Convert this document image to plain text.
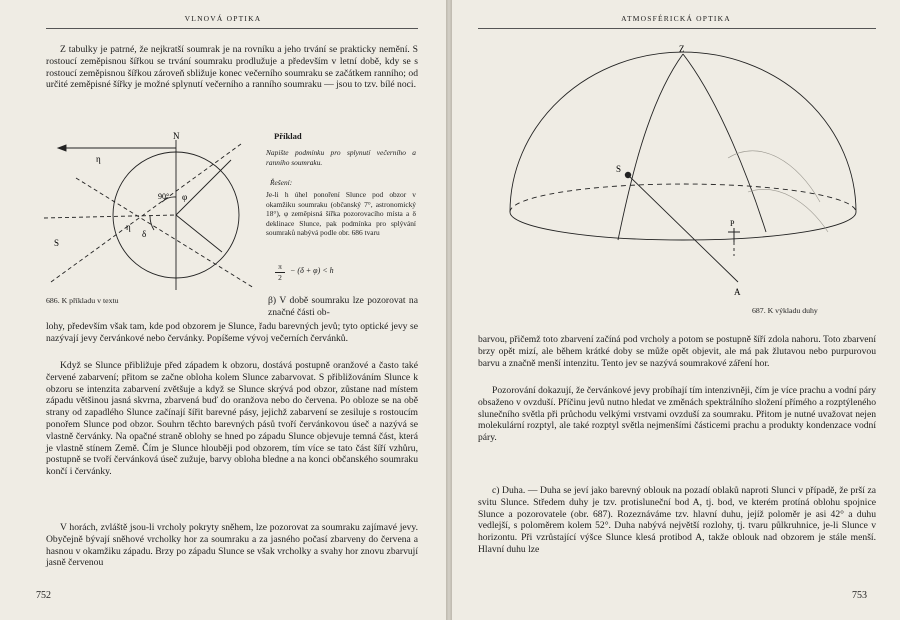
VLNOVÁ OPTIKA

Z tabulky je patrné, že nejkratší soumrak je na rovníku a jeho trvání se prakticky nemění. S rostoucí zeměpisnou šířkou se trvání soumraku prodlužuje a především v letní době, kdy se s rostoucí zeměpisnou šířkou zároveň sbližuje konec večerního soumraku se začátkem ranního; od určité zeměpisné šířky je možné splynutí večerního a ranního soumraku — jsou to tzv. bílé noci.

η
N
S
90° φ
η
δ
686. K příkladu v textu
Příklad

Napište podmínku pro splynutí večerního a ranního soumraku.

Řešení:

Je-li h úhel ponoření Slunce pod obzor v okamžiku soumraku (občanský 7°, astronomický 18°), φ zeměpisná šířka pozorovacího místa a δ deklinace Slunce, pak podmínka pro splývání soumraků nabývá podle obr. 686 tvaru

π
2
− (δ + φ) < h

β) V době soumraku lze pozorovat na značné části ob-

lohy, především však tam, kde pod obzorem je Slunce, řadu barevných jevů; tyto optické jevy se nazývají jevy červánkové nebo červánky. Popíšeme vývoj večerních červánků.

Když se Slunce přibližuje před západem k obzoru, dostává postupně oranžové a často také červené zabarvení; přitom se začne obloha kolem Slunce zabarvovat. S přibližováním Slunce k obzoru se intenzita zabarvení zvětšuje a když se Slunce skrývá pod obzor, zůstane nad místem západu většinou jasná skvrna, zbarvená buď do oranžova nebo do červena. Po obloze se na obě strany od zapadlého Slunce začínají šířit barevné pásy, jejichž zabarvení se zesiluje s rostoucím ponořem Slunce pod obzor. Souhrn těchto barevných pásů tvoří červánkovou úseč a nazývá se vlastně červánky. Na opačné straně oblohy se hned po západu Slunce objevuje temná část, která je vlastně stínem Země. Čím je Slunce hlouběji pod obzorem, tím více se tato část šíří vzhůru, postupně se tvoří červánková úseč zužuje, barvy obloha bledne a na konci občanského soumraku končí i červánky.

V horách, zvláště jsou-li vrcholy pokryty sněhem, lze pozorovat za soumraku zajímavé jevy. Obyčejně bývají sněhové vrcholky hor za soumraku a za jasného počasí zbarveny do červena a hasnou v okamžiku západu. Brzy po západu Slunce se však vrcholky a svahy hor znovu zbarvují jasně červenou

752
ATMOSFÉRICKÁ OPTIKA
Z
S
P
A
687. K výkladu duhy

barvou, přičemž toto zbarvení začíná pod vrcholy a potom se postupně šíří zdola nahoru. Toto zbarvení brzy opět mizí, ale během krátké doby se může opět objevit, ale má pak žlutavou nebo purpurovou barvu a značně menší intenzitu. Tento jev se nazývá soumrakové záření hor.

Pozorování dokazují, že červánkové jevy probíhají tím intenzivněji, čím je více prachu a vodní páry obsaženo v ovzduší. Příčinu jevů nutno hledat ve změnách spektrálního složení přímého a rozptýleného slunečního světla při průchodu velkými vrstvami ovzduší za soumraku. Přitom je nutné uvažovat nejen molekulární rozptyl, ale také rozptyl světla nejmenšími částicemi prachu a produkty kondenzace vodní páry.

c) Duha. — Duha se jeví jako barevný oblouk na pozadí oblaků naproti Slunci v případě, že prší za svitu Slunce. Středem duhy je tzv. protisluneční bod A, tj. bod, ve kterém protíná oblohu spojnice Slunce a pozorovatele (obr. 687). Rozeznáváme tzv. hlavní duhu, jejíž poloměr je asi 42° a duhu vedlejší, s poloměrem kolem 52°. Duha nabývá největší rozlohy, tj. tvaru půlkruhnice, je-li Slunce v horizontu. Při vzrůstající výšce Slunce klesá protibod A, takže oblouk nad obzorem je stále menší. Hlavní duhu lze

753
